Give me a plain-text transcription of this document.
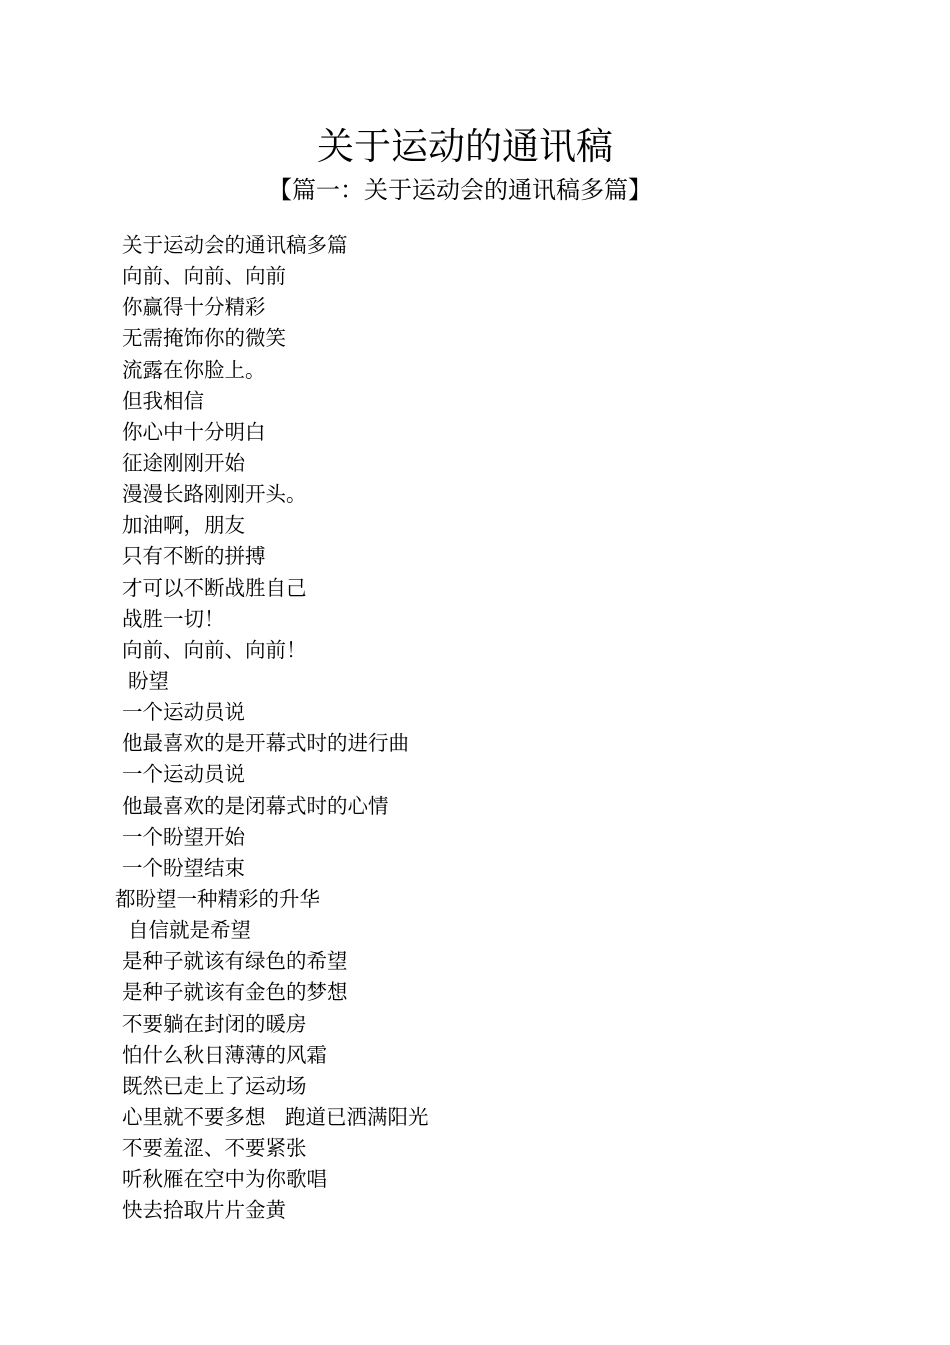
关于运动的通讯稿
【篇一：关于运动会的通讯稿多篇】
关于运动会的通讯稿多篇
向前、向前、向前
你赢得十分精彩
无需掩饰你的微笑
流露在你脸上。
但我相信
你心中十分明白
征途刚刚开始
漫漫长路刚刚开头。
加油啊，朋友
只有不断的拼搏
才可以不断战胜自己
战胜一切！
向前、向前、向前！
盼望
一个运动员说
他最喜欢的是开幕式时的进行曲
一个运动员说
他最喜欢的是闭幕式时的心情
一个盼望开始
一个盼望结束
都盼望一种精彩的升华
自信就是希望
是种子就该有绿色的希望
是种子就该有金色的梦想
不要躺在封闭的暖房
怕什么秋日薄薄的风霜
既然已走上了运动场
心里就不要多想   跑道已洒满阳光
不要羞涩、不要紧张
听秋雁在空中为你歌唱
快去拾取片片金黄
